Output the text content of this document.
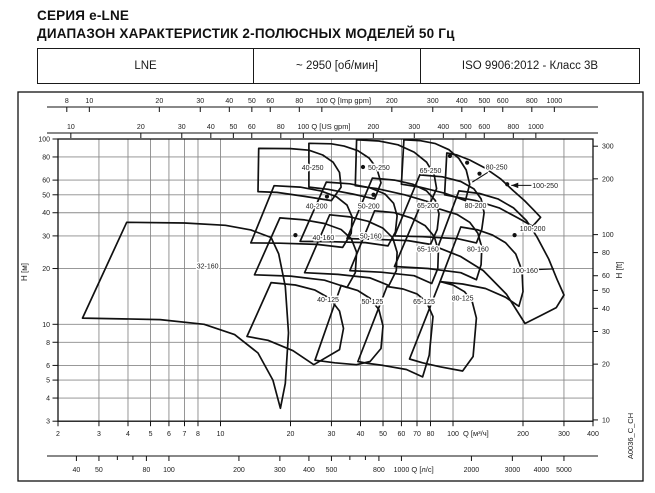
СЕРИЯ e-LNE
ДИАПАЗОН ХАРАКТЕРИСТИК 2-ПОЛЮСНЫХ МОДЕЛЕЙ 50 Гц
LNE	~ 2950 [об/мин]	ISO 9906:2012 - Класс 3В
8 10	20	30	40 50 60	80 100	200	300 400 500 600 800 1000
Q [Imp gpm]
10	20	30	40 50 60	80 100	200	300 400 500 600 800 1000
Q [US gpm]
2	3	4	5 6 7 8 10	20	30	40 50 60 70 80 100	200	300 400
Q [м³/ч]
40 50	80 100	200	300 400 500	800 1000	2000	3000 4000 5000
Q [л/с]
3
4
5
6
8
10
20
30
40
50
60
80
100
H [м]
10
20
30
40
50
60
80
100
200
300
H [ft]
32-160
40-125	50-125	65-125
80-125
40-160	50-160
65-160	80-160
100-160
40-200	50-200	65-200	80-200
100-200
40-250	50-250	65-250	80-250
100-250
A0036_C_CH
